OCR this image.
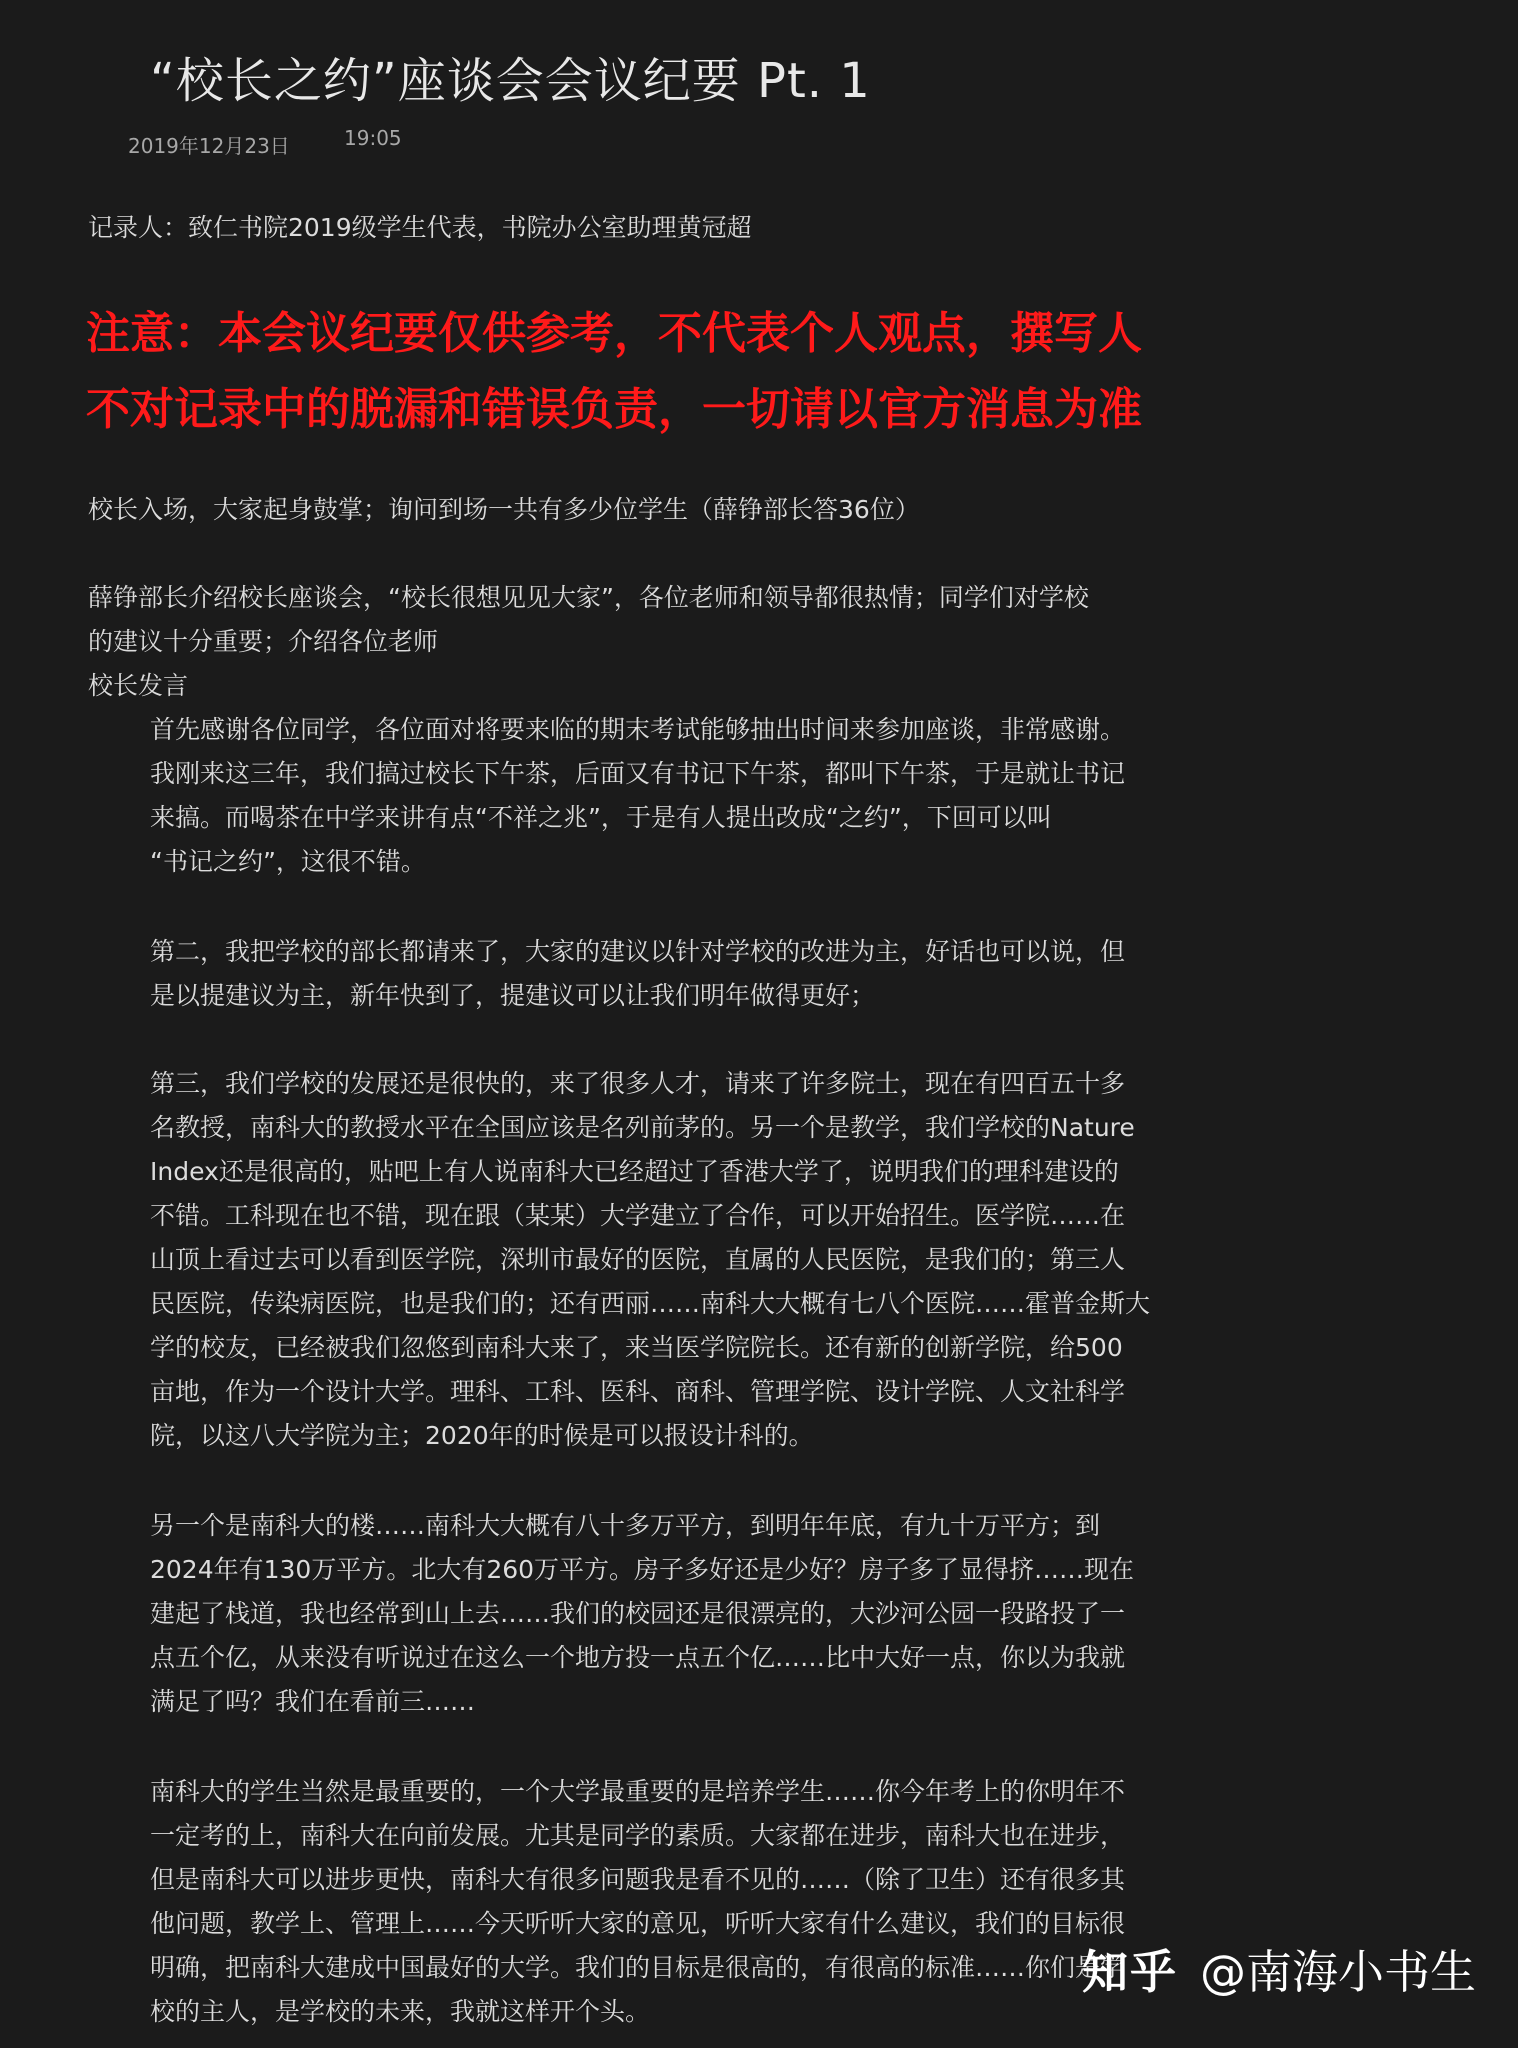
“校长之约”座谈会会议纪要 Pt. 1
2019年12月23日	19:05
记录人：致仁书院2019级学生代表，书院办公室助理黄冠超
注意：本会议纪要仅供参考，不代表个人观点，撰写人
不对记录中的脱漏和错误负责，一切请以官方消息为准
校长入场，大家起身鼓掌；询问到场一共有多少位学生（薛铮部长答36位）
薛铮部长介绍校长座谈会，“校长很想见见大家”，各位老师和领导都很热情；同学们对学校
的建议十分重要；介绍各位老师
校长发言
首先感谢各位同学，各位面对将要来临的期末考试能够抽出时间来参加座谈，非常感谢。
我刚来这三年，我们搞过校长下午茶，后面又有书记下午茶，都叫下午茶，于是就让书记
来搞。而喝茶在中学来讲有点“不祥之兆”，于是有人提出改成“之约”，下回可以叫
“书记之约”，这很不错。
第二，我把学校的部长都请来了，大家的建议以针对学校的改进为主，好话也可以说，但
是以提建议为主，新年快到了，提建议可以让我们明年做得更好；
第三，我们学校的发展还是很快的，来了很多人才，请来了许多院士，现在有四百五十多
名教授，南科大的教授水平在全国应该是名列前茅的。另一个是教学，我们学校的Nature
Index还是很高的，贴吧上有人说南科大已经超过了香港大学了，说明我们的理科建设的
不错。工科现在也不错，现在跟（某某）大学建立了合作，可以开始招生。医学院……在
山顶上看过去可以看到医学院，深圳市最好的医院，直属的人民医院，是我们的；第三人
民医院，传染病医院，也是我们的；还有西丽……南科大大概有七八个医院……霍普金斯大
学的校友，已经被我们忽悠到南科大来了，来当医学院院长。还有新的创新学院，给500
亩地，作为一个设计大学。理科、工科、医科、商科、管理学院、设计学院、人文社科学
院，以这八大学院为主；2020年的时候是可以报设计科的。
另一个是南科大的楼……南科大大概有八十多万平方，到明年年底，有九十万平方；到
2024年有130万平方。北大有260万平方。房子多好还是少好？房子多了显得挤……现在
建起了栈道，我也经常到山上去……我们的校园还是很漂亮的，大沙河公园一段路投了一
点五个亿，从来没有听说过在这么一个地方投一点五个亿……比中大好一点，你以为我就
满足了吗？我们在看前三……
南科大的学生当然是最重要的，一个大学最重要的是培养学生……你今年考上的你明年不
一定考的上，南科大在向前发展。尤其是同学的素质。大家都在进步，南科大也在进步，
但是南科大可以进步更快，南科大有很多问题我是看不见的……（除了卫生）还有很多其
他问题，教学上、管理上……今天听听大家的意见，听听大家有什么建议，我们的目标很
明确，把南科大建成中国最好的大学。我们的目标是很高的，有很高的标准……你们是学
校的主人，是学校的未来，我就这样开个头。
知乎 @南海小书生
